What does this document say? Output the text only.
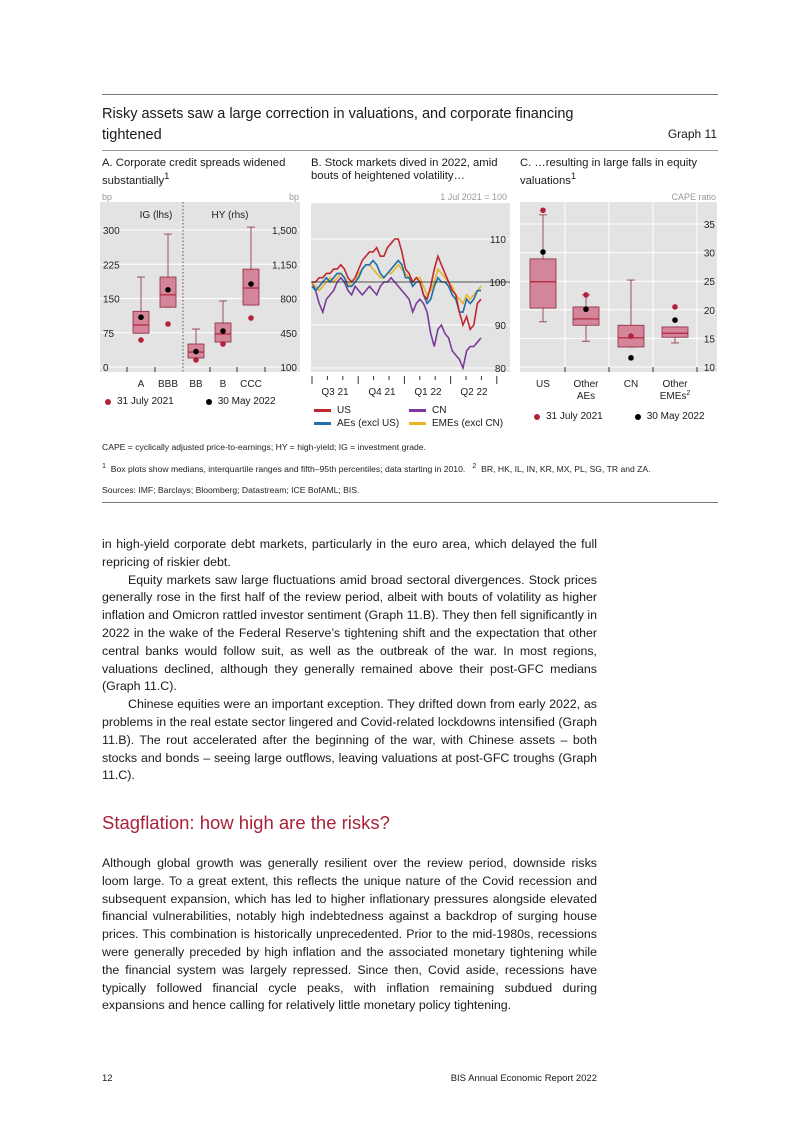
Risky assets saw a large correction in valuations, and corporate financing tightened	Graph 11
A. Corporate credit spreads widened substantially$^1$
B. Stock markets dived in 2022, amid bouts of heightened volatility…
C. …resulting in large falls in equity valuations$^1$
bp	bp	1 Jul 2021 = 100	CAPE ratio
0	100
75	450
150	800
225	1,150
300	1,500
A BBB BB B CCC
80
90
100
110
Q3 21 Q4 21 Q1 22 Q2 22
10
15
20
25
30
35
US Other AEs
CN Other EMEs$^2$
IG (lhs)	HY (rhs)
31 July 2021	30 May 2022
US	CN
AEs (excl US)	EMEs (excl CN)
31 July 2021	30 May 2022
CAPE = cyclically adjusted price-to-earnings; HY = high-yield; IG = investment grade.
$^1$ Box plots show medians, interquartile ranges and fifth–95th percentiles; data starting in 2010. $^2$ BR, HK, IL, IN, KR, MX, PL, SG, TR and ZA.
Sources: IMF; Barclays; Bloomberg; Datastream; ICE BofAML; BIS.

in high-yield corporate debt markets, particularly in the euro area, which delayed the full repricing of riskier debt.

Equity markets saw large fluctuations amid broad sectoral divergences. Stock prices generally rose in the first half of the review period, albeit with bouts of volatility as higher inflation and Omicron rattled investor sentiment (Graph 11.B). They then fell significantly in 2022 in the wake of the Federal Reserve’s tightening shift and the expectation that other central banks would follow suit, as well as the outbreak of the war. In most regions, valuations declined, although they generally remained above their post-GFC medians (Graph 11.C).

Chinese equities were an important exception. They drifted down from early 2022, as problems in the real estate sector lingered and Covid-related lockdowns intensified (Graph 11.B). The rout accelerated after the beginning of the war, with Chinese assets – both stocks and bonds – seeing large outflows, leaving valuations at post-GFC troughs (Graph 11.C).

Stagflation: how high are the risks?

Although global growth was generally resilient over the review period, downside risks loom large. To a great extent, this reflects the unique nature of the Covid recession and subsequent expansion, which has led to higher inflationary pressures alongside elevated financial vulnerabilities, notably high indebtedness against a backdrop of surging house prices. This combination is historically unprecedented. Prior to the mid-1980s, recessions were generally preceded by high inflation and the associated monetary tightening while the financial system was largely repressed. Since then, Covid aside, recessions have typically followed financial cycle peaks, with inflation remaining subdued during expansions and hence calling for relatively little monetary policy tightening.

12	BIS Annual Economic Report 2022
